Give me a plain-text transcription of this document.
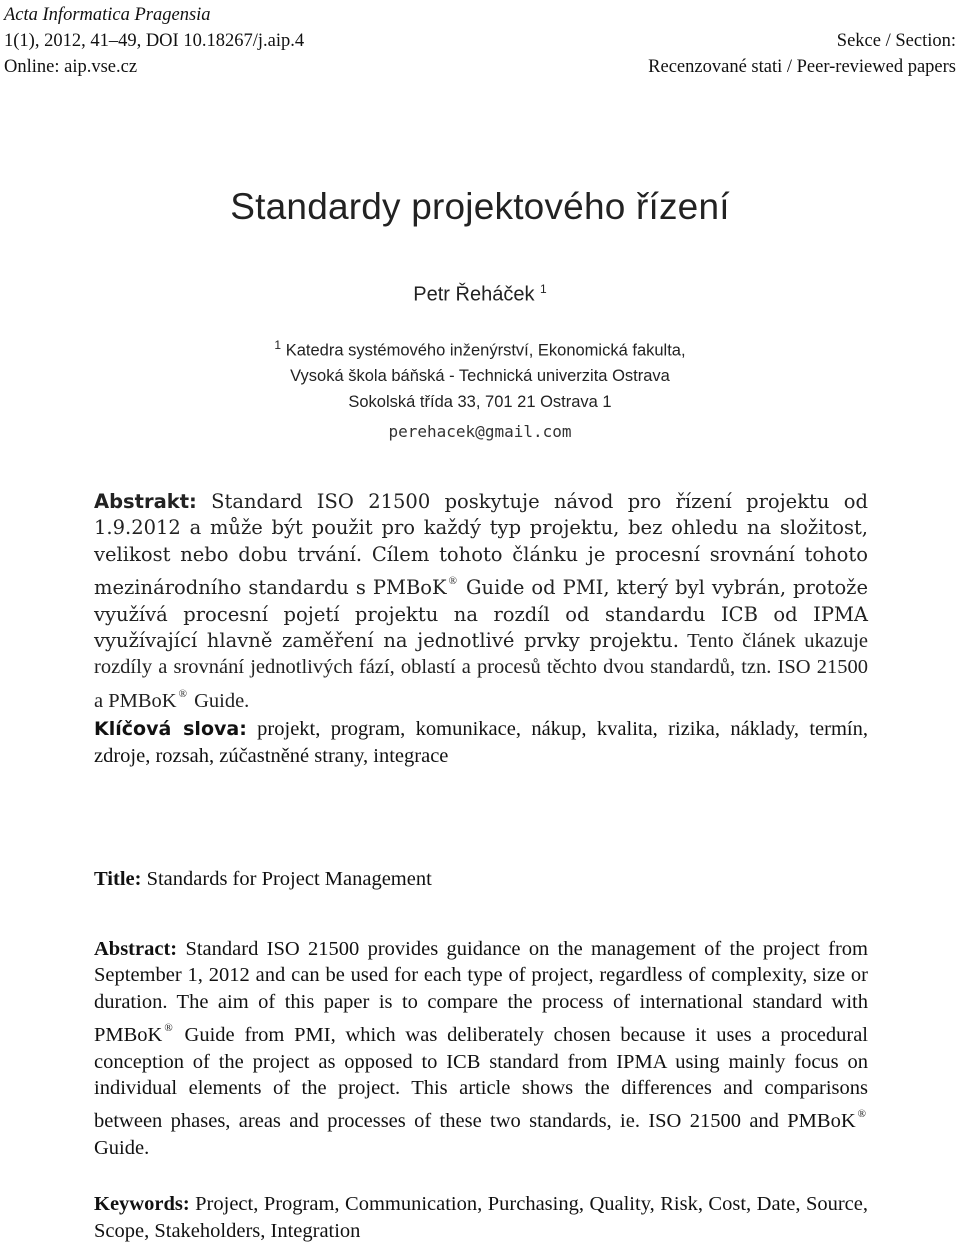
Acta Informatica Pragensia
1(1), 2012, 41–49, DOI 10.18267/j.aip.4
Online: aip.vse.cz
Sekce / Section:
Recenzované stati / Peer-reviewed papers
Standardy projektového řízení
Petr Řeháček $^1$
$^1$ Katedra systémového inženýrství, Ekonomická fakulta,
Vysoká škola báňská - Technická univerzita Ostrava
Sokolská třída 33, 701 21 Ostrava 1
perehacek@gmail.com
Abstrakt: Standard ISO 21500 poskytuje návod pro řízení projektu od 1.9.2012 a může být použit pro každý typ projektu, bez ohledu na složitost, velikost nebo dobu trvání. Cílem tohoto článku je procesní srovnání tohoto mezinárodního standardu s PMBoK ® Guide od PMI, který byl vybrán, protože využívá procesní pojetí projektu na rozdíl od standardu ICB od IPMA využívající hlavně zaměření na jednotlivé prvky projektu. Tento článek ukazuje rozdíly a srovnání jednotlivých fází, oblastí a procesů těchto dvou standardů, tzn. ISO 21500 a PMBoK ® Guide.
Klíčová slova: projekt, program, komunikace, nákup, kvalita, rizika, náklady, termín, zdroje, rozsah, zúčastněné strany, integrace
Title: Standards for Project Management
Abstract: Standard ISO 21500 provides guidance on the management of the project from September 1, 2012 and can be used for each type of project, regardless of complexity, size or duration. The aim of this paper is to compare the process of international standard with PMBoK ® Guide from PMI, which was deliberately chosen because it uses a procedural conception of the project as opposed to ICB standard from IPMA using mainly focus on individual elements of the project. This article shows the differences and comparisons between phases, areas and processes of these two standards, ie. ISO 21500 and PMBoK ® Guide.
Keywords: Project, Program, Communication, Purchasing, Quality, Risk, Cost, Date, Source, Scope, Stakeholders, Integration
